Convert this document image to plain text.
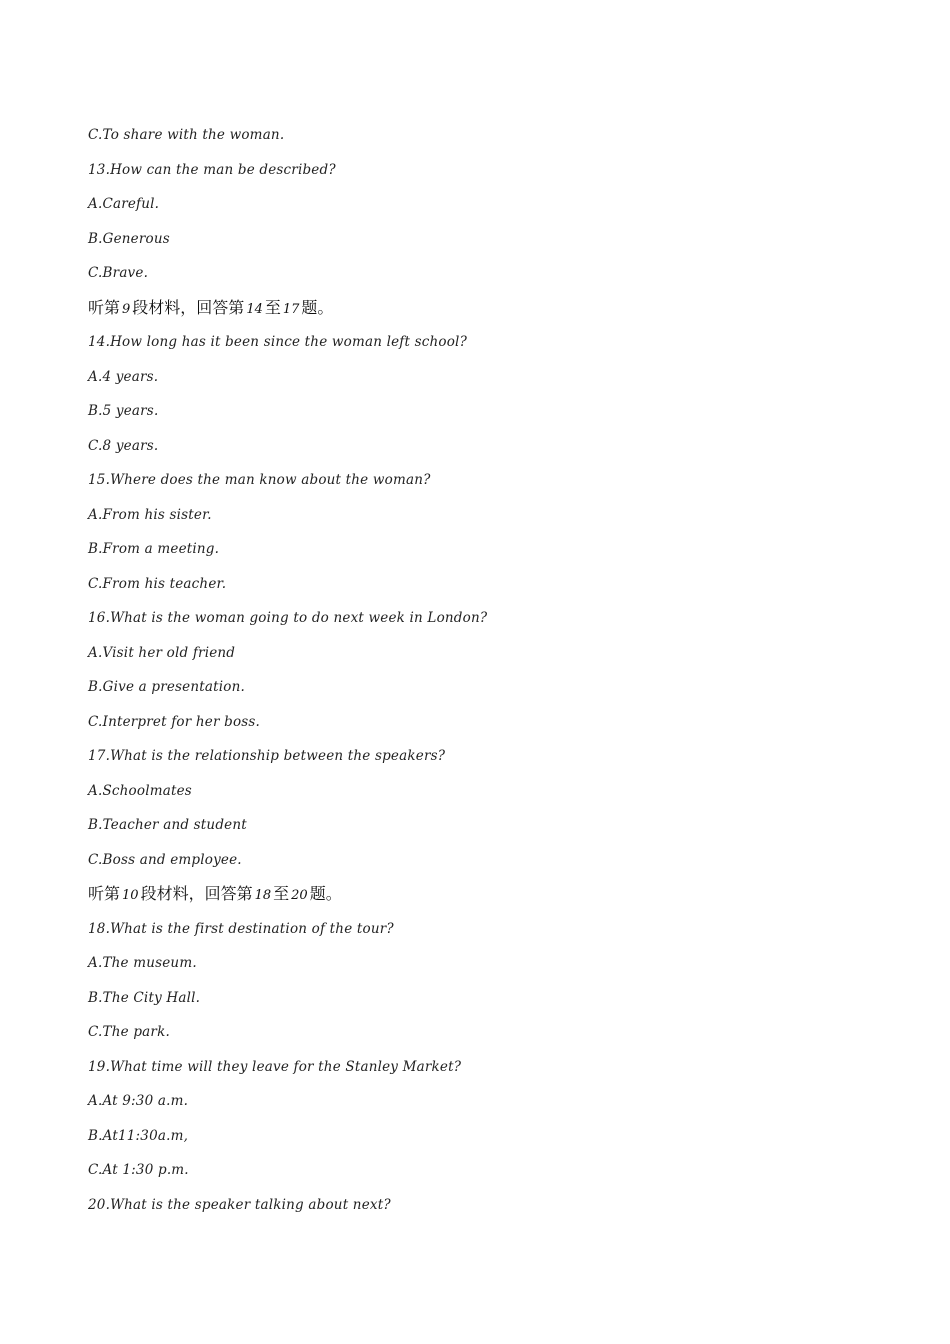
C.To share with the woman.
13.How can the man be described?
A.Careful.
B.Generous
C.Brave.
听第 9 段材料，回答第 14 至 17 题。
14.How long has it been since the woman left school?
A.4 years.
B.5 years.
C.8 years.
15.Where does the man know about the woman?
A.From his sister.
B.From a meeting.
C.From his teacher.
16.What is the woman going to do next week in London?
A.Visit her old friend
B.Give a presentation.
C.Interpret for her boss.
17.What is the relationship between the speakers?
A.Schoolmates
B.Teacher and student
C.Boss and employee.
听第 10 段材料，回答第 18 至 20 题。
18.What is the first destination of the tour?
A.The museum.
B.The City Hall.
C.The park.
19.What time will they leave for the Stanley Market?
A.At 9:30 a.m.
B.At11:30a.m,
C.At 1:30 p.m.
20.What is the speaker talking about next?
